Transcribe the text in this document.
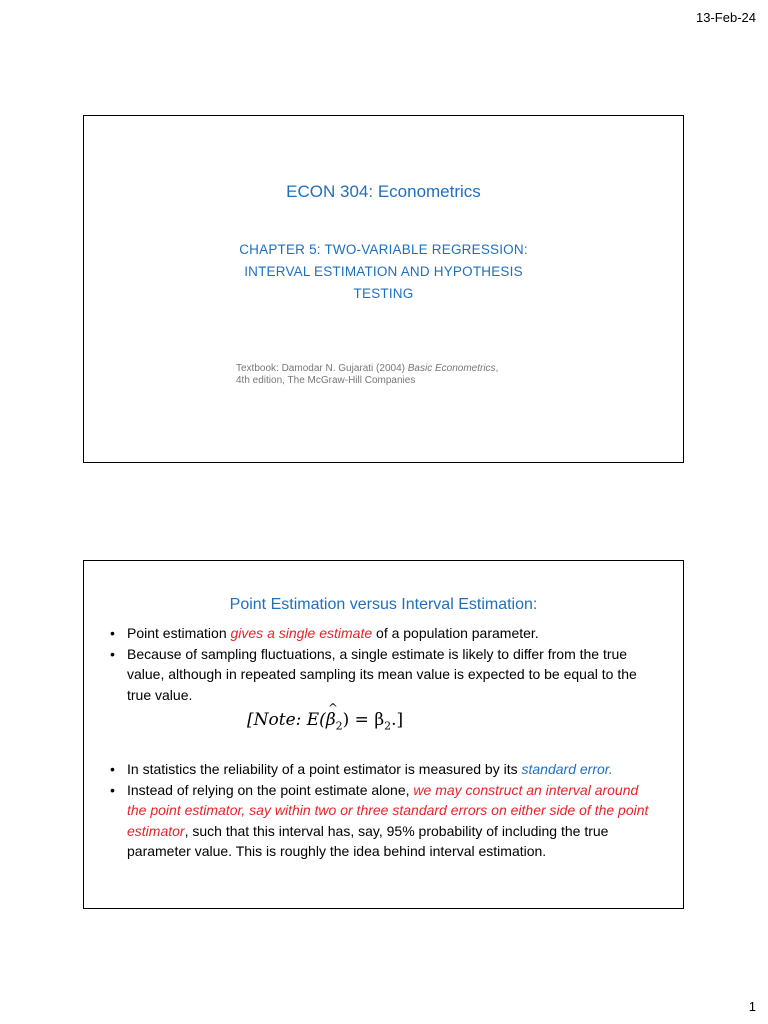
13-Feb-24
ECON 304: Econometrics
CHAPTER 5: TWO-VARIABLE REGRESSION:
INTERVAL ESTIMATION AND HYPOTHESIS
TESTING
Textbook: Damodar N. Gujarati (2004) Basic Econometrics,
4th edition, The McGraw-Hill Companies
Point Estimation versus Interval Estimation:
• Point estimation gives a single estimate of a population parameter.
• Because of sampling fluctuations, a single estimate is likely to differ from the true value, although in repeated sampling its mean value is expected to be equal to the true value.
[Note: E(β $\^{}_2) = \beta_2$.]
• In statistics the reliability of a point estimator is measured by its standard error.
• Instead of relying on the point estimate alone, we may construct an interval around the point estimator, say within two or three standard errors on either side of the point estimator, such that this interval has, say, 95% probability of including the true parameter value. This is roughly the idea behind interval estimation.
1
